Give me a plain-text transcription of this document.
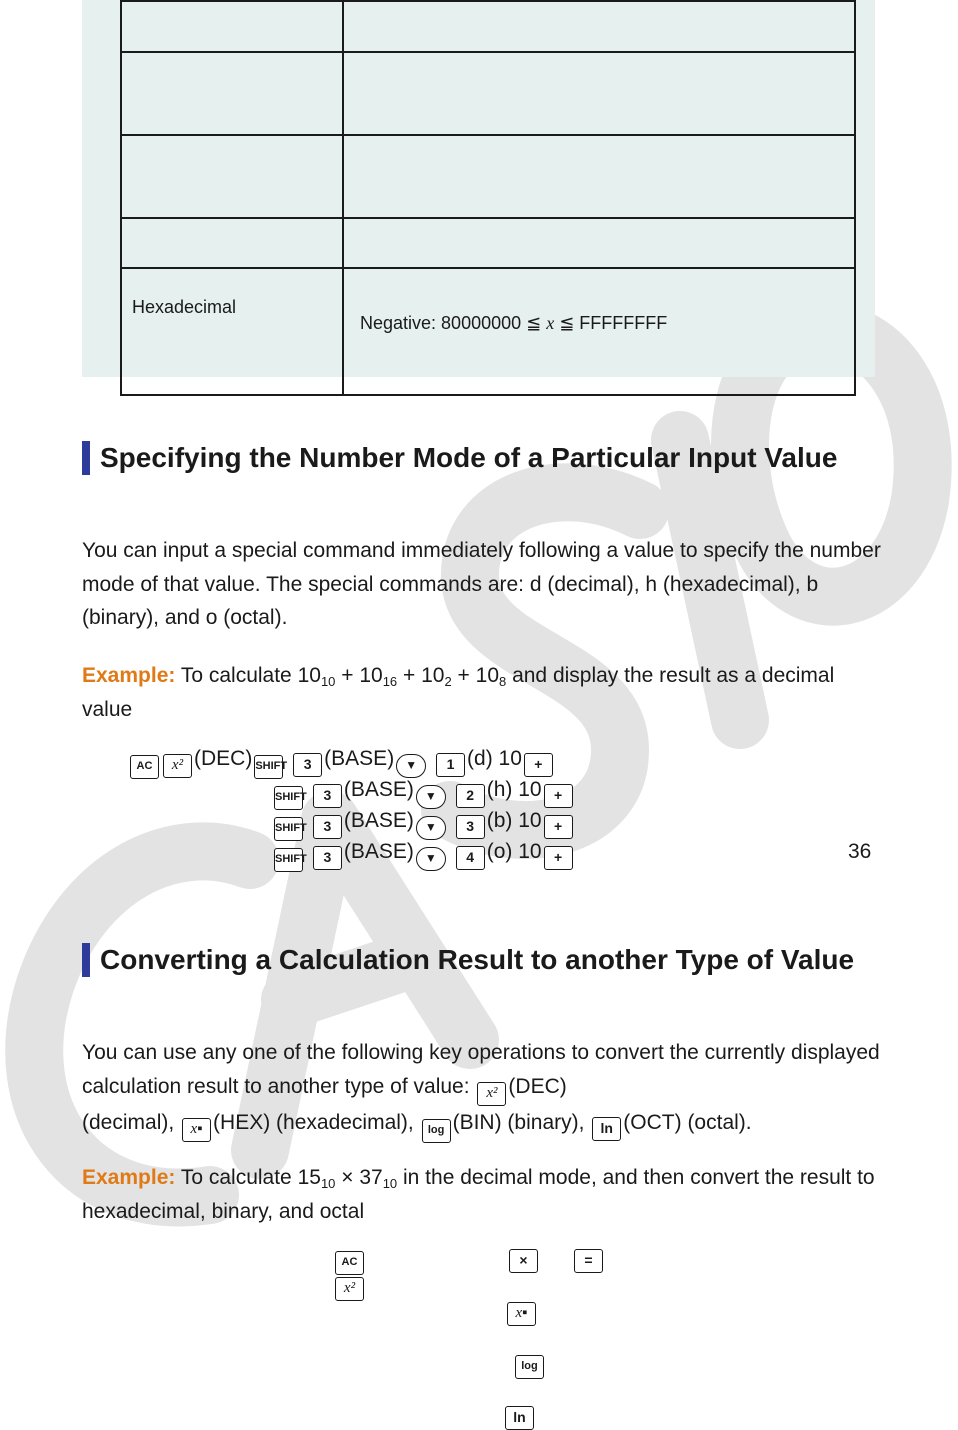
Hexadecimal	Negative: 80000000 ≦ x ≦ FFFFFFFF
Specifying the Number Mode of a Particular Input Value
You can input a special command immediately following a value to specify the number mode of that value. The special commands are: d (decimal), h (hexadecimal), b (binary), and o (octal).
Example: To calculate $10_{10} + 10_{16} + 10_2 + 10_8$ and display the result as a decimal value
AC x² (DEC) SHIFT 3 (BASE) ▼ 1 (d) 10 +
SHIFT 3 (BASE) ▼ 2 (h) 10 +
SHIFT 3 (BASE) ▼ 3 (b) 10 +
SHIFT 3 (BASE) ▼ 4 (o) 10 +	36
Converting a Calculation Result to another Type of Value
You can use any one of the following key operations to convert the currently displayed calculation result to another type of value: x² (DEC)
(decimal), x▪ (HEX) (hexadecimal), log (BIN) (binary), ln (OCT) (octal).
Example: To calculate $15_{10} \times 37_{10}$ in the decimal mode, and then convert the result to hexadecimal, binary, and octal
ACx²
×	=
x▪
log
ln
